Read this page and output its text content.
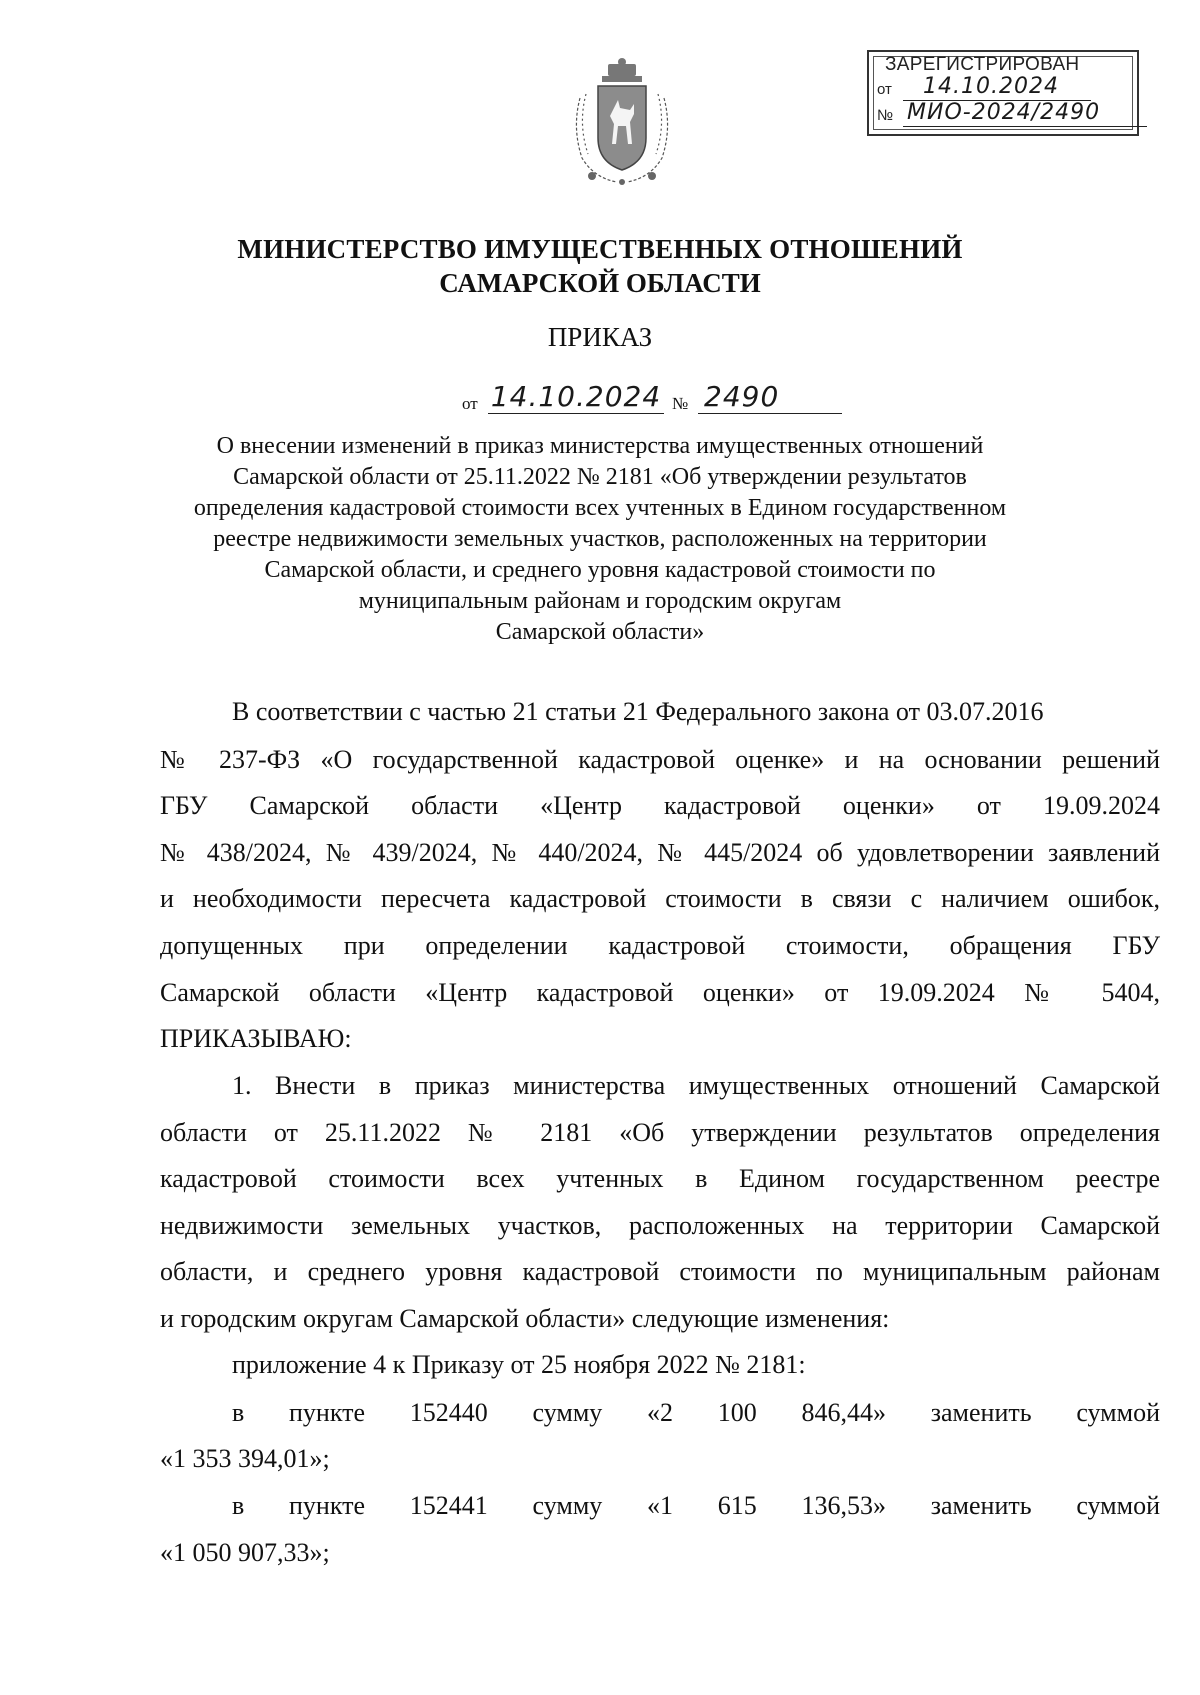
ЗАРЕГИСТРИРОВАН
от	14.10.2024
№ МИО-2024/2490
МИНИСТЕРСТВО ИМУЩЕСТВЕННЫХ ОТНОШЕНИЙ
САМАРСКОЙ ОБЛАСТИ
ПРИКАЗ
от 14.10.2024 № 2490
О внесении изменений в приказ министерства имущественных отношений
Самарской области от 25.11.2022 № 2181 «Об утверждении результатов
определения кадастровой стоимости всех учтенных в Едином государственном
реестре недвижимости земельных участков, расположенных на территории
Самарской области, и среднего уровня кадастровой стоимости по
муниципальным районам и городским округам
Самарской области»
В соответствии с частью 21 статьи 21 Федерального закона от 03.07.2016
№ 237-ФЗ «О государственной кадастровой оценке» и на основании решений
ГБУ Самарской области «Центр кадастровой оценки» от 19.09.2024
№ 438/2024, № 439/2024, № 440/2024, № 445/2024 об удовлетворении заявлений
и необходимости пересчета кадастровой стоимости в связи с наличием ошибок,
допущенных при определении кадастровой стоимости, обращения ГБУ
Самарской области «Центр кадастровой оценки» от 19.09.2024 № 5404,
ПРИКАЗЫВАЮ:
1. Внести в приказ министерства имущественных отношений Самарской
области от 25.11.2022 № 2181 «Об утверждении результатов определения
кадастровой стоимости всех учтенных в Едином государственном реестре
недвижимости земельных участков, расположенных на территории Самарской
области, и среднего уровня кадастровой стоимости по муниципальным районам
и городским округам Самарской области» следующие изменения:
приложение 4 к Приказу от 25 ноября 2022 № 2181:
в пункте 152440 сумму «2 100 846,44» заменить суммой
«1 353 394,01»;
в пункте 152441 сумму «1 615 136,53» заменить суммой
«1 050 907,33»;
